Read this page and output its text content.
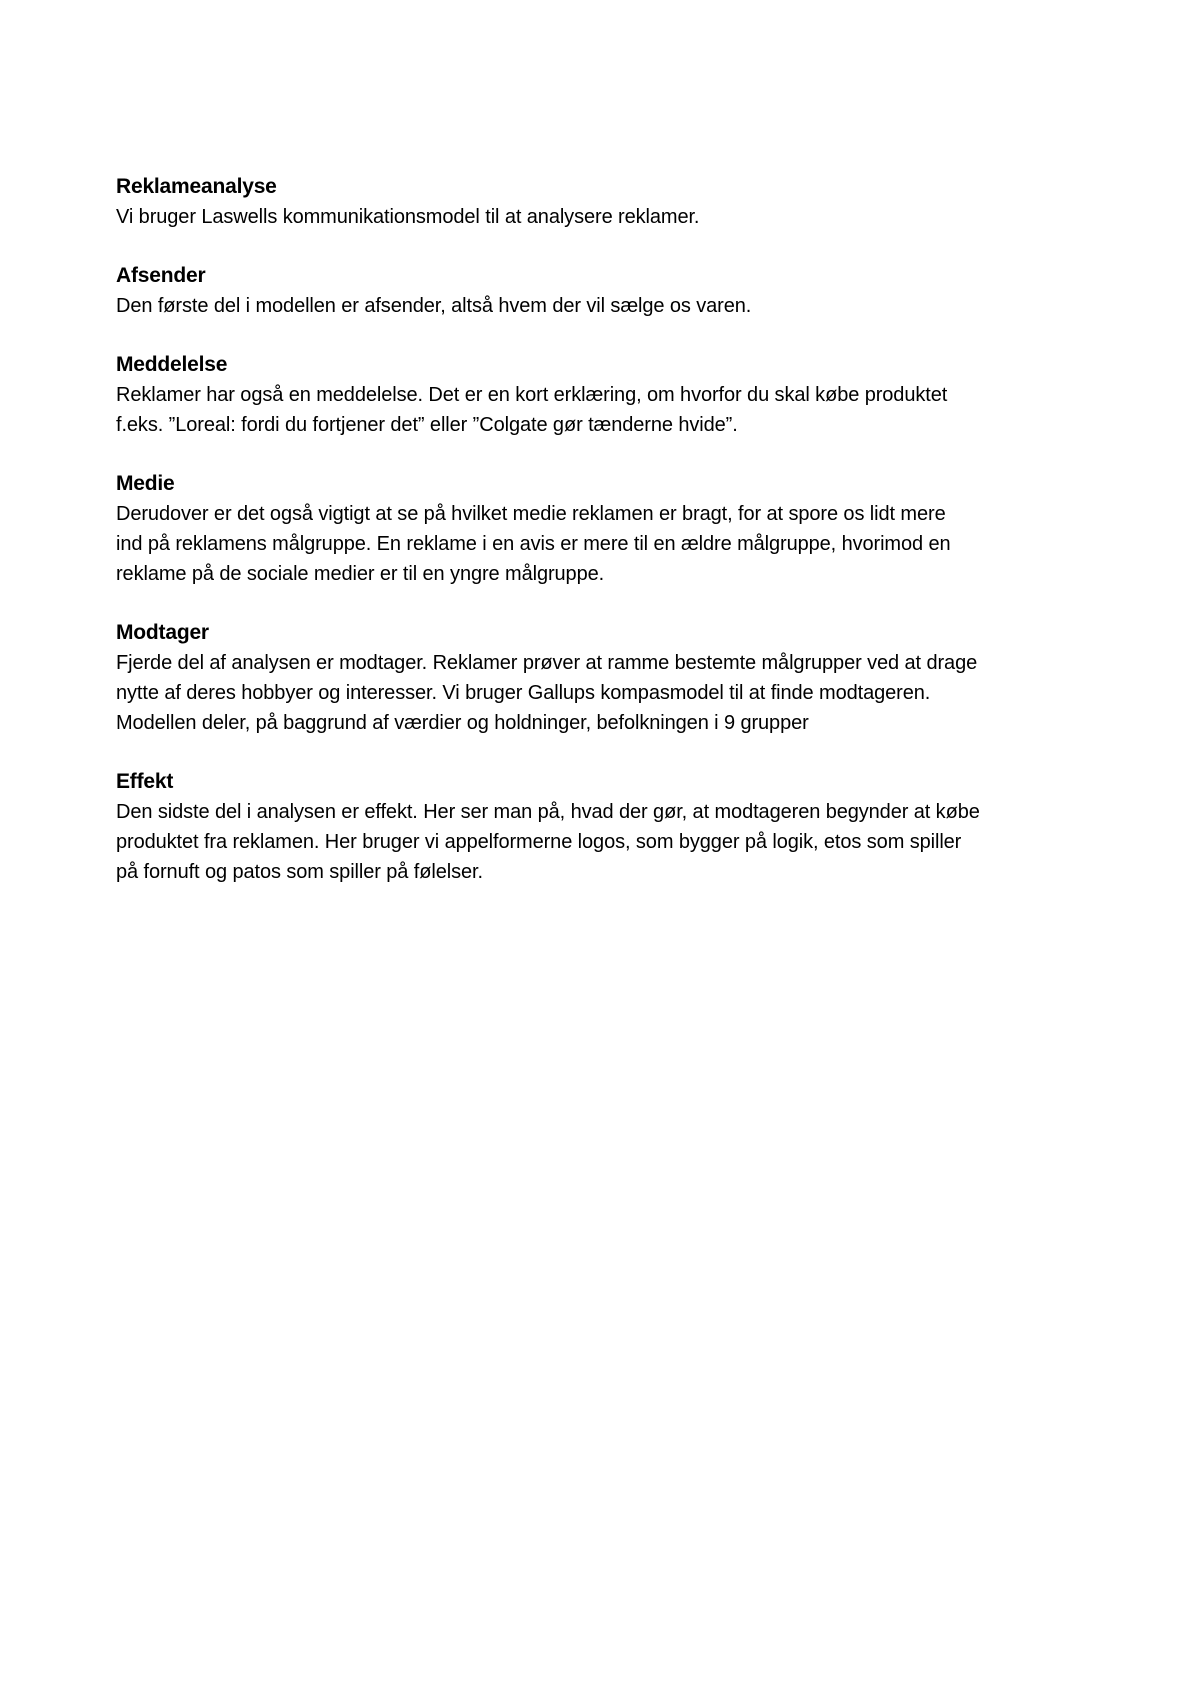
Reklameanalyse

Vi bruger Laswells kommunikationsmodel til at analysere reklamer.

Afsender

Den første del i modellen er afsender, altså hvem der vil sælge os varen.

Meddelelse

Reklamer har også en meddelelse. Det er en kort erklæring, om hvorfor du skal købe produktet
f.eks. ”Loreal: fordi du fortjener det” eller ”Colgate gør tænderne hvide”.

Medie

Derudover er det også vigtigt at se på hvilket medie reklamen er bragt, for at spore os lidt mere
ind på reklamens målgruppe. En reklame i en avis er mere til en ældre målgruppe, hvorimod en
reklame på de sociale medier er til en yngre målgruppe.

Modtager

Fjerde del af analysen er modtager. Reklamer prøver at ramme bestemte målgrupper ved at drage
nytte af deres hobbyer og interesser. Vi bruger Gallups kompasmodel til at finde modtageren.
Modellen deler, på baggrund af værdier og holdninger, befolkningen i 9 grupper

Effekt

Den sidste del i analysen er effekt. Her ser man på, hvad der gør, at modtageren begynder at købe
produktet fra reklamen. Her bruger vi appelformerne logos, som bygger på logik, etos som spiller
på fornuft og patos som spiller på følelser.
